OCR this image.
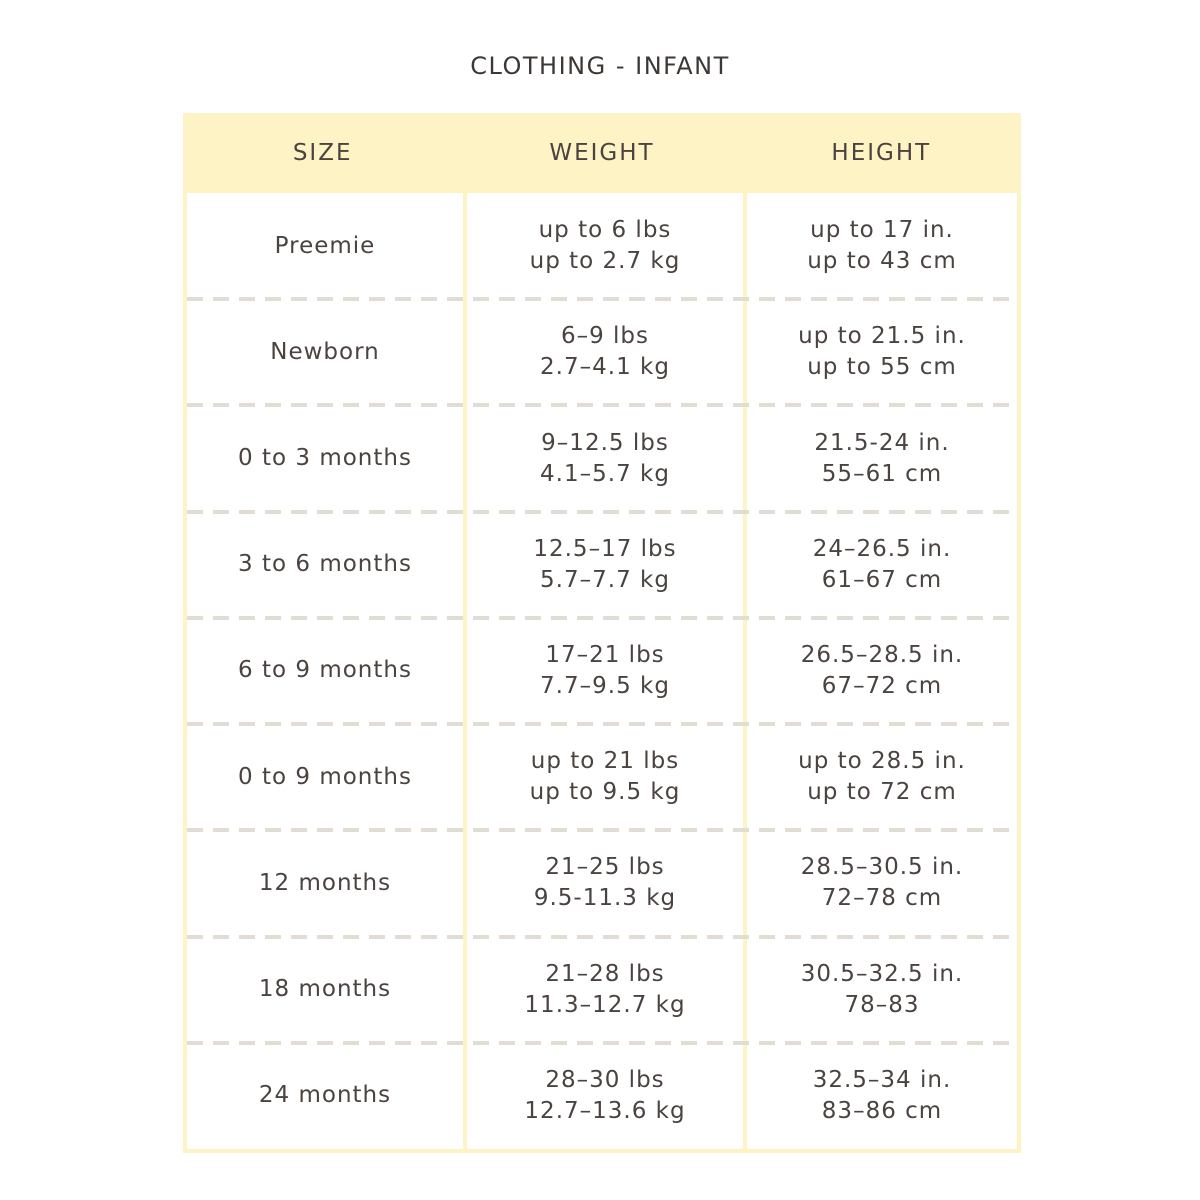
CLOTHING - INFANT
SIZE	WEIGHT	HEIGHT
Preemie
up to 6 lbs
up to 2.7 kg
up to 17 in.
up to 43 cm
Newborn
6–9 lbs
2.7–4.1 kg
up to 21.5 in.
up to 55 cm
0 to 3 months
9–12.5 lbs
4.1–5.7 kg
21.5-24 in.
55–61 cm
3 to 6 months
12.5–17 lbs
5.7–7.7 kg
24–26.5 in.
61–67 cm
6 to 9 months
17–21 lbs
7.7–9.5 kg
26.5–28.5 in.
67–72 cm
0 to 9 months
up to 21 lbs
up to 9.5 kg
up to 28.5 in.
up to 72 cm
12 months
21–25 lbs
9.5-11.3 kg
28.5–30.5 in.
72–78 cm
18 months
21–28 lbs
11.3–12.7 kg
30.5–32.5 in.
78–83
24 months
28–30 lbs
12.7–13.6 kg
32.5–34 in.
83–86 cm
